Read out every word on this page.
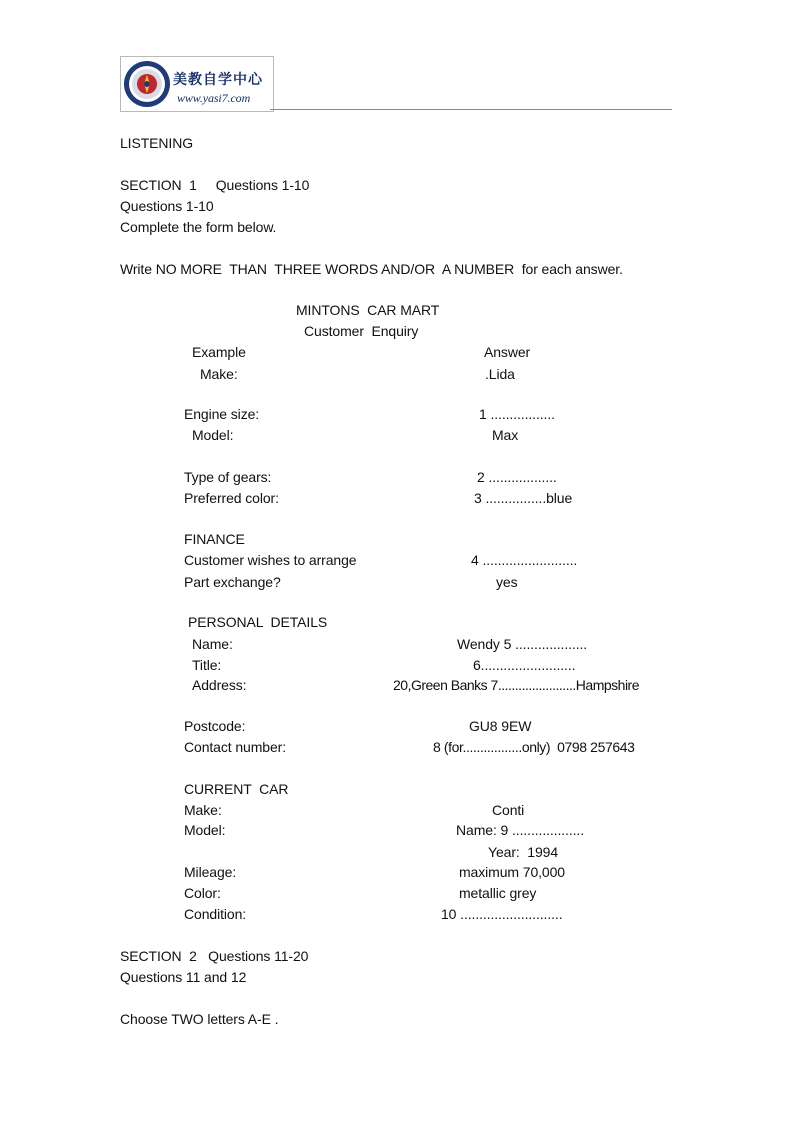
美教自学中心
www.yasi7.com
LISTENING
SECTION  1     Questions 1-10
Questions 1-10
Complete the form below.
Write NO MORE  THAN  THREE WORDS AND/OR  A NUMBER  for each answer.
MINTONS  CAR MART
Customer  Enquiry
Example	Answer
Make:	.Lida
Engine size:	1 .................
Model:	Max
Type of gears:	2 ..................
Preferred color:	3 ................blue
FINANCE
Customer wishes to arrange	4 .........................
Part exchange?	yes
PERSONAL  DETAILS
Name:	Wendy 5 ...................
Title:	6.........................
Address:	20,Green Banks 7.......................Hampshire
Postcode:	GU8 9EW
Contact number:	8 (for.................only)  0798 257643
CURRENT  CAR
Make:	Conti
Model:	Name: 9 ...................
Year:  1994
Mileage:	maximum 70,000
Color:	metallic grey
Condition:	10 ...........................
SECTION  2   Questions 11-20
Questions 11 and 12
Choose TWO letters A-E .
